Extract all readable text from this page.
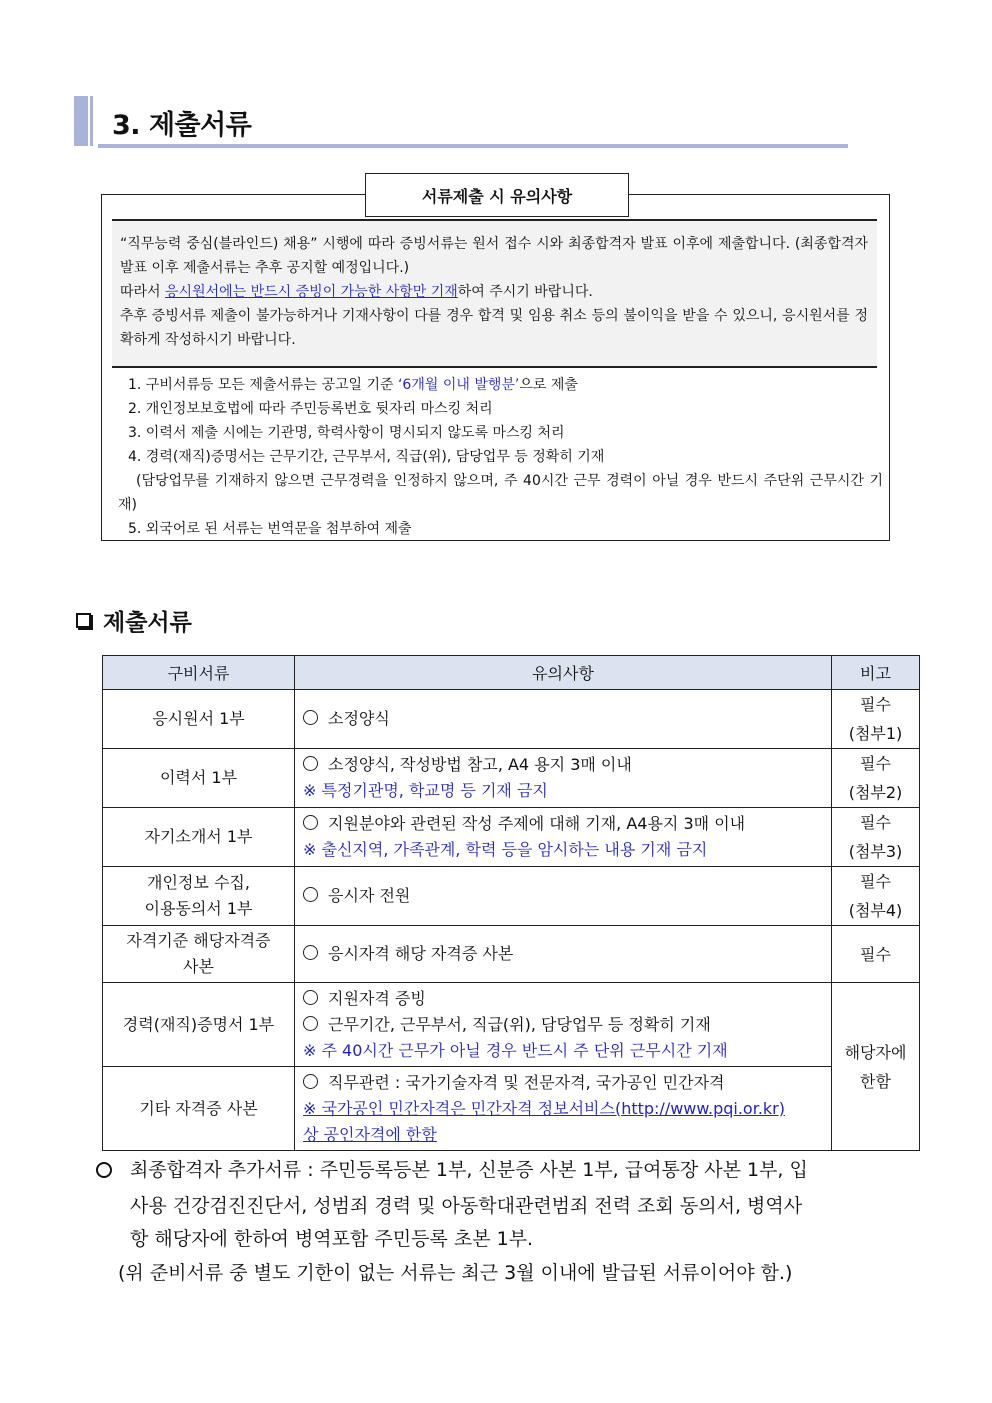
3. 제출서류
서류제출 시 유의사항

“직무능력 중심(블라인드) 채용” 시행에 따라 증빙서류는 원서 접수 시와 최종합격자 발표 이후에 제출합니다. (최종합격자 발표 이후 제출서류는 추후 공지할 예정입니다.)

따라서 응시원서에는 반드시 증빙이 가능한 사항만 기재하여 주시기 바랍니다.

추후 증빙서류 제출이 불가능하거나 기재사항이 다를 경우 합격 및 임용 취소 등의 불이익을 받을 수 있으니, 응시원서를 정확하게 작성하시기 바랍니다.

1. 구비서류등 모든 제출서류는 공고일 기준 ‘6개월 이내 발행분’으로 제출

2. 개인정보보호법에 따라 주민등록번호 뒷자리 마스킹 처리

3. 이력서 제출 시에는 기관명, 학력사항이 명시되지 않도록 마스킹 처리

4. 경력(재직)증명서는 근무기간, 근무부서, 직급(위), 담당업무 등 정확히 기재

(담당업무를 기재하지 않으면 근무경력을 인정하지 않으며, 주 40시간 근무 경력이 아닐 경우 반드시 주단위 근무시간 기재)

5. 외국어로 된 서류는 번역문을 첨부하여 제출

제출서류
구비서류	유의사항	비고
응시원서 1부	소정양식	필수
(첨부1)
이력서 1부	소정양식, 작성방법 참고, A4 용지 3매 이내
※ 특정기관명, 학교명 등 기재 금지	필수
(첨부2)
자기소개서 1부	지원분야와 관련된 작성 주제에 대해 기재, A4용지 3매 이내
※ 출신지역, 가족관계, 학력 등을 암시하는 내용 기재 금지	필수
(첨부3)
개인정보 수집,
이용동의서 1부	응시자 전원	필수
(첨부4)
자격기준 해당자격증
사본	응시자격 해당 자격증 사본	필수
경력(재직)증명서 1부	지원자격 증빙
근무기간, 근무부서, 직급(위), 담당업무 등 정확히 기재
※ 주 40시간 근무가 아닐 경우 반드시 주 단위 근무시간 기재	해당자에
한함
기타 자격증 사본	직무관련 : 국가기술자격 및 전문자격, 국가공인 민간자격
※ 국가공인 민간자격은 민간자격 정보서비스(http://www.pqi.or.kr)
상 공인자격에 한함	

최종합격자 추가서류 : 주민등록등본 1부, 신분증 사본 1부, 급여통장 사본 1부, 입

사용 건강검진진단서, 성범죄 경력 및 아동학대관련범죄 전력 조회 동의서, 병역사

항 해당자에 한하여 병역포함 주민등록 초본 1부.

(위 준비서류 중 별도 기한이 없는 서류는 최근 3월 이내에 발급된 서류이어야 함.)
